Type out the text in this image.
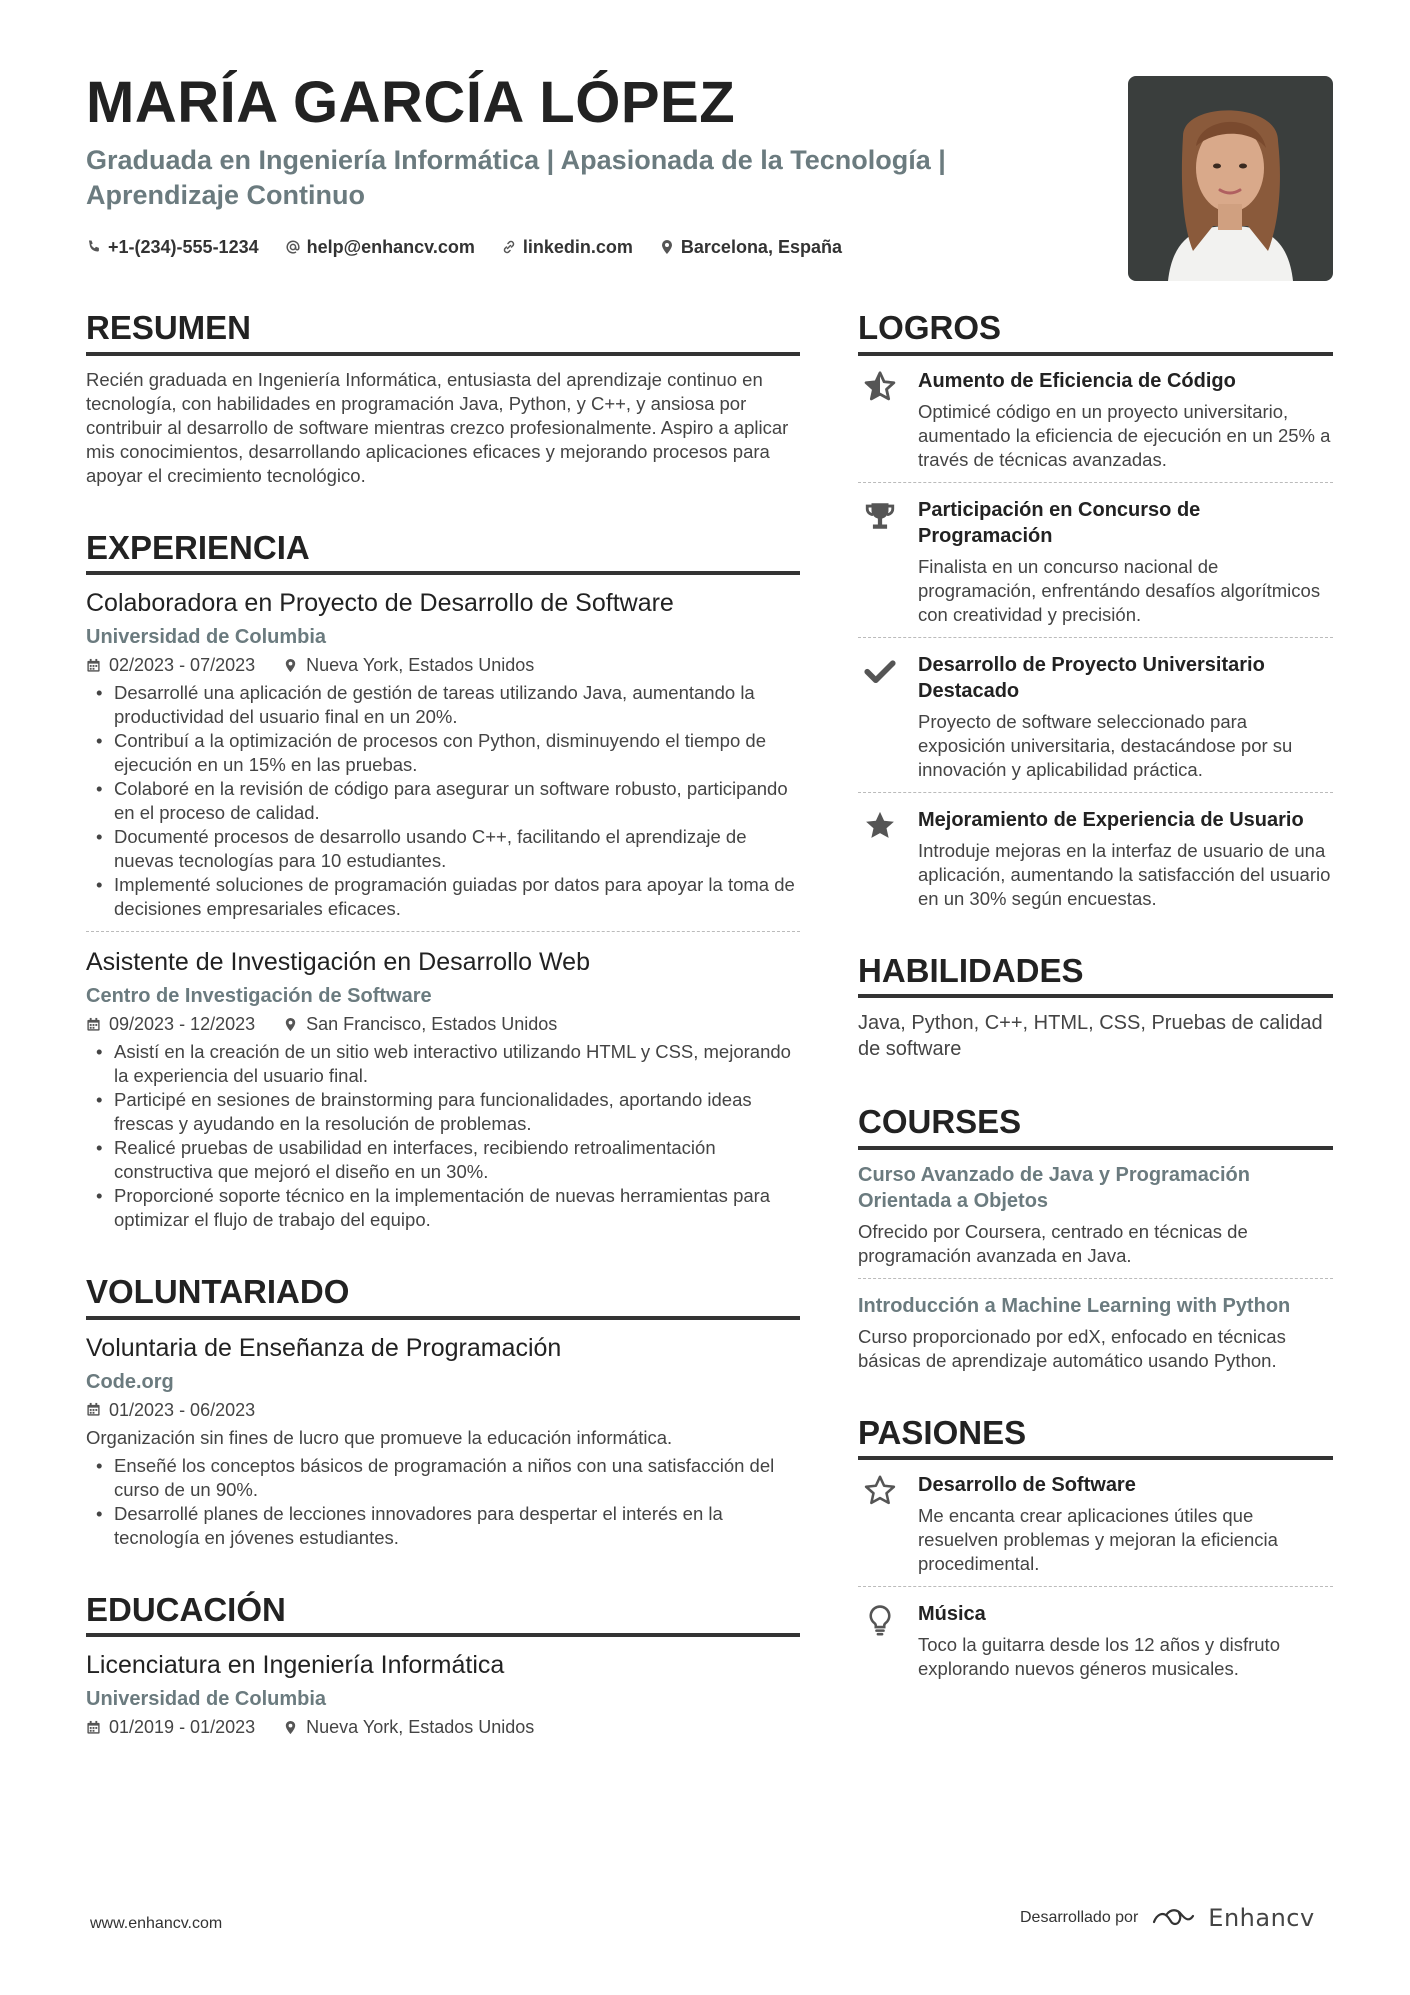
MARÍA GARCÍA LÓPEZ
Graduada en Ingeniería Informática | Apasionada de la Tecnología | Aprendizaje Continuo
+1-(234)-555-1234	help@enhancv.com	linkedin.com	Barcelona, España
RESUMEN
Recién graduada en Ingeniería Informática, entusiasta del aprendizaje continuo en tecnología, con habilidades en programación Java, Python, y C++, y ansiosa por contribuir al desarrollo de software mientras crezco profesionalmente. Aspiro a aplicar mis conocimientos, desarrollando aplicaciones eficaces y mejorando procesos para apoyar el crecimiento tecnológico.
EXPERIENCIA
Colaboradora en Proyecto de Desarrollo de Software
Universidad de Columbia
02/2023 - 07/2023	Nueva York, Estados Unidos
• Desarrollé una aplicación de gestión de tareas utilizando Java, aumentando la productividad del usuario final en un 20%.
• Contribuí a la optimización de procesos con Python, disminuyendo el tiempo de ejecución en un 15% en las pruebas.
• Colaboré en la revisión de código para asegurar un software robusto, participando en el proceso de calidad.
• Documenté procesos de desarrollo usando C++, facilitando el aprendizaje de nuevas tecnologías para 10 estudiantes.
• Implementé soluciones de programación guiadas por datos para apoyar la toma de decisiones empresariales eficaces.
Asistente de Investigación en Desarrollo Web
Centro de Investigación de Software
09/2023 - 12/2023	San Francisco, Estados Unidos
• Asistí en la creación de un sitio web interactivo utilizando HTML y CSS, mejorando la experiencia del usuario final.
• Participé en sesiones de brainstorming para funcionalidades, aportando ideas frescas y ayudando en la resolución de problemas.
• Realicé pruebas de usabilidad en interfaces, recibiendo retroalimentación constructiva que mejoró el diseño en un 30%.
• Proporcioné soporte técnico en la implementación de nuevas herramientas para optimizar el flujo de trabajo del equipo.
VOLUNTARIADO
Voluntaria de Enseñanza de Programación
Code.org
01/2023 - 06/2023
Organización sin fines de lucro que promueve la educación informática.
• Enseñé los conceptos básicos de programación a niños con una satisfacción del curso de un 90%.
• Desarrollé planes de lecciones innovadores para despertar el interés en la tecnología en jóvenes estudiantes.
EDUCACIÓN
Licenciatura en Ingeniería Informática
Universidad de Columbia
01/2019 - 01/2023	Nueva York, Estados Unidos
LOGROS
Aumento de Eficiencia de Código
Optimicé código en un proyecto universitario, aumentado la eficiencia de ejecución en un 25% a través de técnicas avanzadas.
Participación en Concurso de Programación
Finalista en un concurso nacional de programación, enfrentándo desafíos algorítmicos con creatividad y precisión.
Desarrollo de Proyecto Universitario Destacado
Proyecto de software seleccionado para exposición universitaria, destacándose por su innovación y aplicabilidad práctica.
Mejoramiento de Experiencia de Usuario
Introduje mejoras en la interfaz de usuario de una aplicación, aumentando la satisfacción del usuario en un 30% según encuestas.
HABILIDADES
Java, Python, C++, HTML, CSS, Pruebas de calidad de software
COURSES
Curso Avanzado de Java y Programación Orientada a Objetos
Ofrecido por Coursera, centrado en técnicas de programación avanzada en Java.
Introducción a Machine Learning with Python
Curso proporcionado por edX, enfocado en técnicas básicas de aprendizaje automático usando Python.
PASIONES
Desarrollo de Software
Me encanta crear aplicaciones útiles que resuelven problemas y mejoran la eficiencia procedimental.
Música
Toco la guitarra desde los 12 años y disfruto explorando nuevos géneros musicales.
www.enhancv.com	Desarrollado por	Enhancv
